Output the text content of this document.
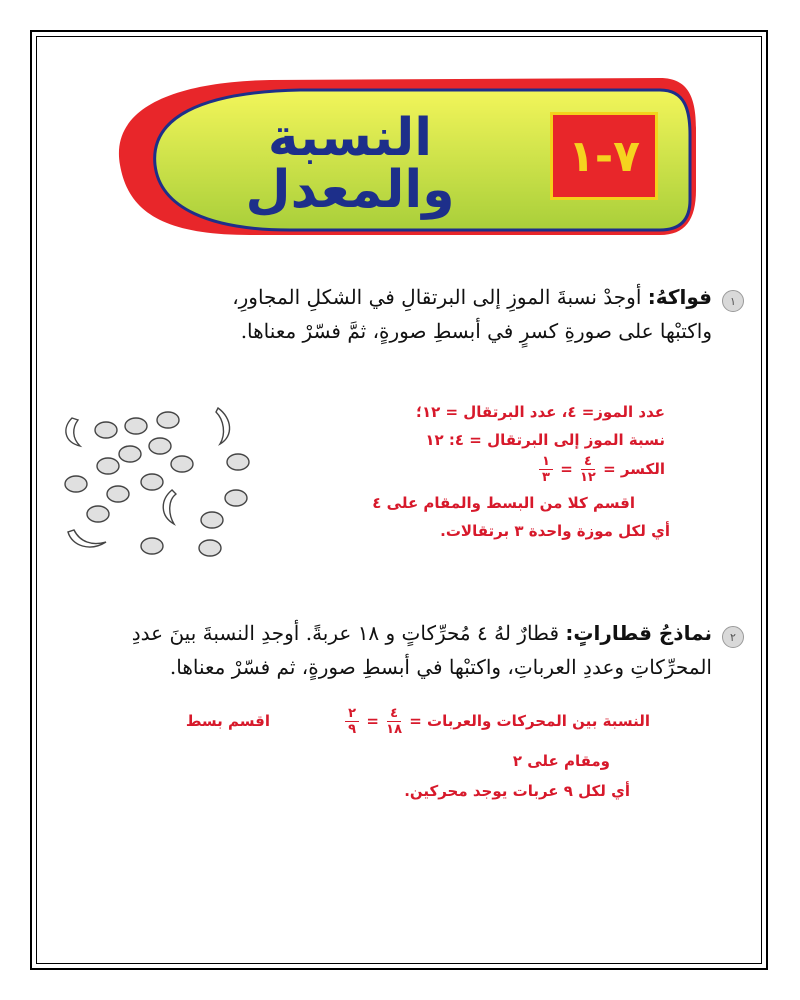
النسبة والمعدل
٧-١
١
فواكهُ: أوجدْ نسبةَ الموزِ إلى البرتقالِ في الشكلِ المجاورِ،
واكتبْها على صورةِ كسرٍ في أبسطِ صورةٍ، ثمَّ فسّرْ معناها.
عدد الموز= ٤، عدد البرتقال = ١٢؛
نسبة الموز إلى البرتقال = ٤: ١٢
الكسر =
$\frac{٤}{١٢}$
=
$\frac{١}{٣}$
اقسم كلا من البسط والمقام على ٤
أي لكل موزة واحدة ٣ برتقالات.
٢
نماذجُ قطاراتٍ: قطارٌ لهُ ٤ مُحرِّكاتٍ و ١٨ عربةً. أوجدِ النسبةَ بينَ عددِ
المحرِّكاتِ وعددِ العرباتِ، واكتبْها في أبسطِ صورةٍ، ثم فسّرْ معناها.
النسبة بين المحركات والعربات =
$\frac{٤}{١٨}$
=
$\frac{٢}{٩}$
اقسم بسط
ومقام على ٢
أي لكل ٩ عربات يوجد محركين.
